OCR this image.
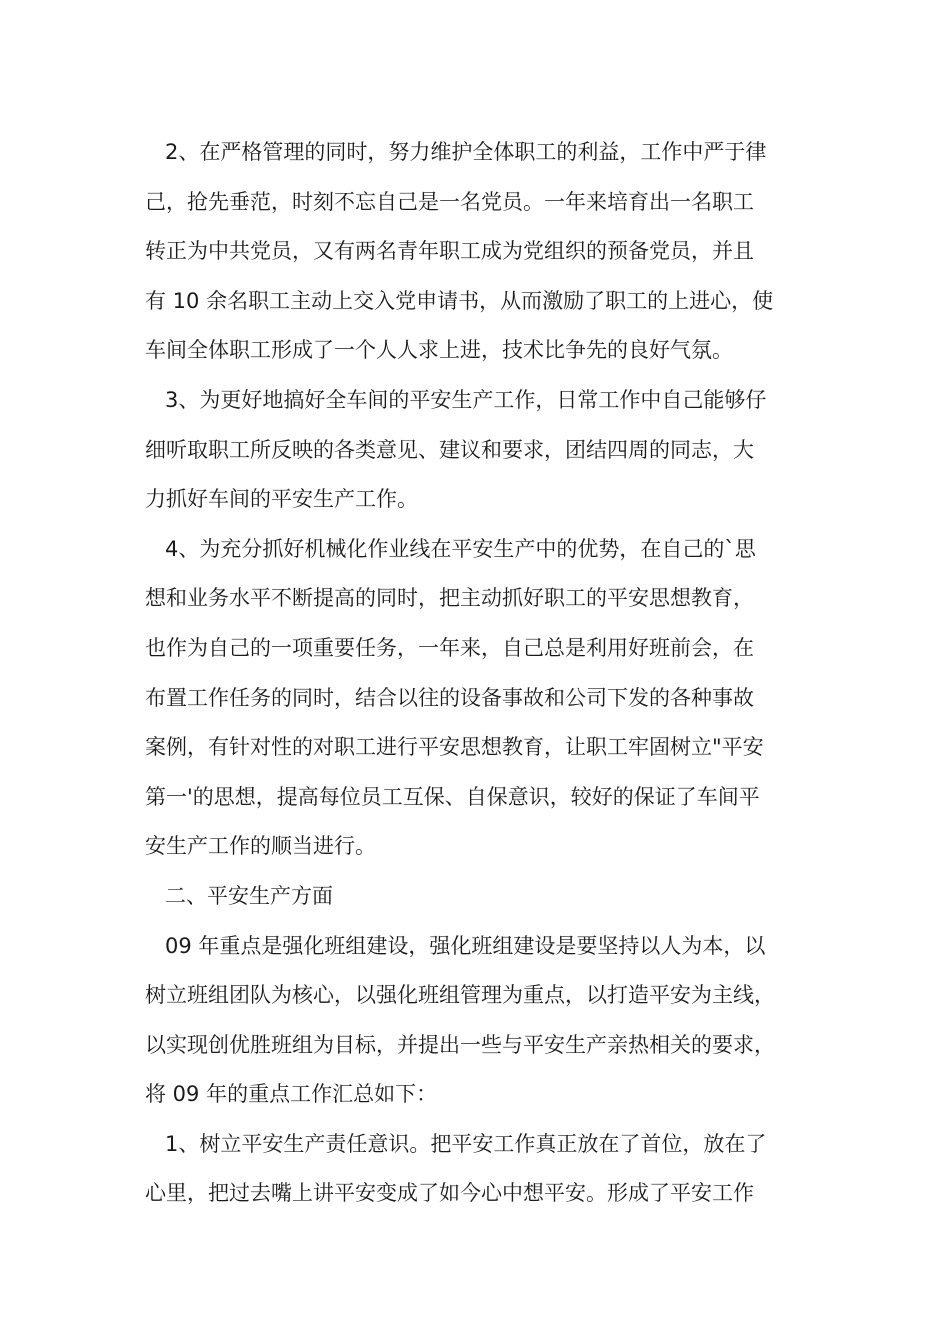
2、在严格管理的同时，努力维护全体职工的利益，工作中严于律
己，抢先垂范，时刻不忘自己是一名党员。一年来培育出一名职工
转正为中共党员，又有两名青年职工成为党组织的预备党员，并且
有 10 余名职工主动上交入党申请书，从而激励了职工的上进心，使
车间全体职工形成了一个人人求上进，技术比争先的良好气氛。
3、为更好地搞好全车间的平安生产工作，日常工作中自己能够仔
细听取职工所反映的各类意见、建议和要求，团结四周的同志，大
力抓好车间的平安生产工作。
4、为充分抓好机械化作业线在平安生产中的优势，在自己的`思
想和业务水平不断提高的同时，把主动抓好职工的平安思想教育，
也作为自己的一项重要任务，一年来，自己总是利用好班前会，在
布置工作任务的同时，结合以往的设备事故和公司下发的各种事故
案例，有针对性的对职工进行平安思想教育，让职工牢固树立"平安
第一'的思想，提高每位员工互保、自保意识，较好的保证了车间平
安生产工作的顺当进行。
二、平安生产方面
09 年重点是强化班组建设，强化班组建设是要坚持以人为本，以
树立班组团队为核心，以强化班组管理为重点，以打造平安为主线，
以实现创优胜班组为目标，并提出一些与平安生产亲热相关的要求，
将 09 年的重点工作汇总如下：
1、树立平安生产责任意识。把平安工作真正放在了首位，放在了
心里，把过去嘴上讲平安变成了如今心中想平安。形成了平安工作
